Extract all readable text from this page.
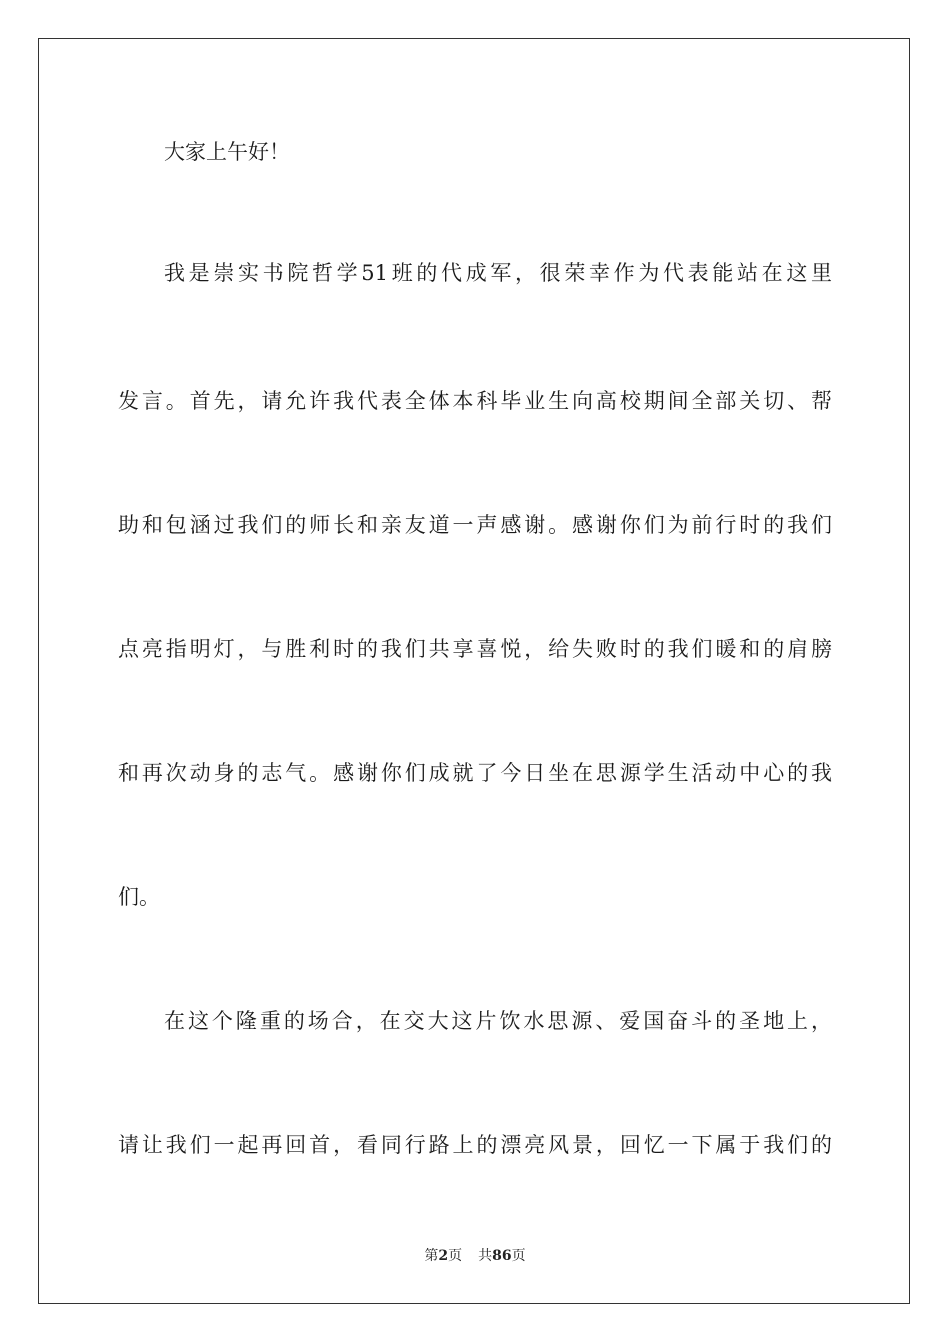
大家上午好！
我是崇实书院哲学51班的代成军，很荣幸作为代表能站在这里
发言。首先，请允许我代表全体本科毕业生向高校期间全部关切、帮
助和包涵过我们的师长和亲友道一声感谢。感谢你们为前行时的我们
点亮指明灯，与胜利时的我们共享喜悦，给失败时的我们暖和的肩膀
和再次动身的志气。感谢你们成就了今日坐在思源学生活动中心的我
们。
在这个隆重的场合，在交大这片饮水思源、爱国奋斗的圣地上，
请让我们一起再回首，看同行路上的漂亮风景，回忆一下属于我们的
第2页 共86页
